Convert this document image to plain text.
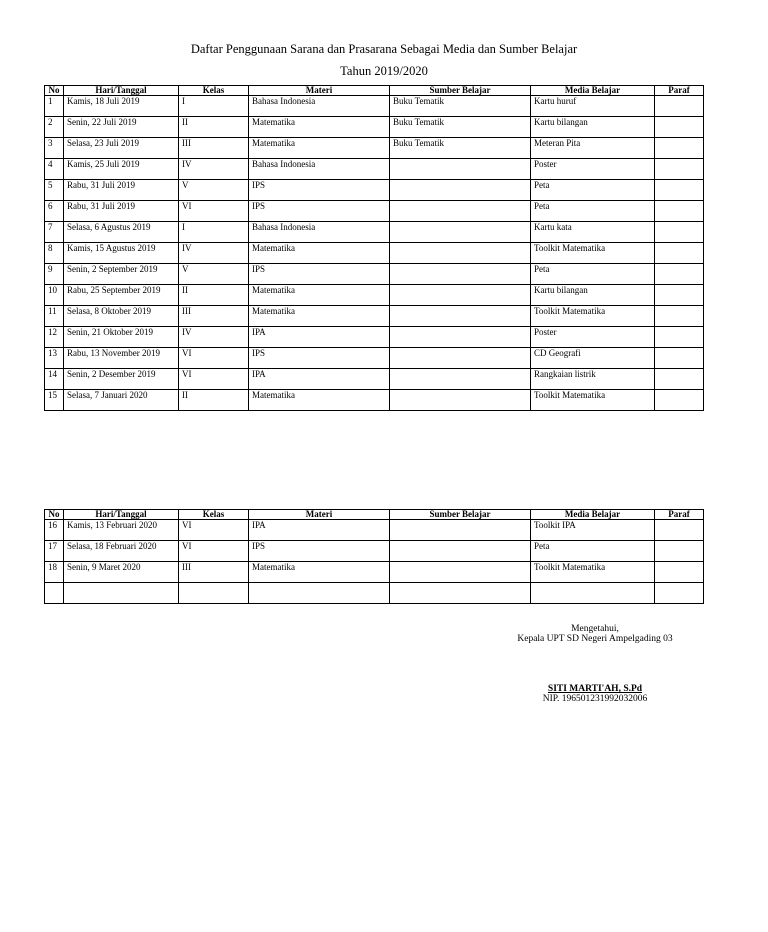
Daftar Penggunaan Sarana dan Prasarana Sebagai Media dan Sumber Belajar
Tahun 2019/2020
No	Hari/Tanggal	Kelas	Materi	Sumber Belajar	Media Belajar	Paraf
1	Kamis, 18 Juli 2019	I	Bahasa Indonesia	Buku Tematik	Kartu huruf	
2	Senin, 22 Juli 2019	II	Matematika	Buku Tematik	Kartu bilangan	
3	Selasa, 23 Juli 2019	III	Matematika	Buku Tematik	Meteran Pita	
4	Kamis, 25 Juli 2019	IV	Bahasa Indonesia		Poster	
5	Rabu, 31 Juli 2019	V	IPS		Peta	
6	Rabu, 31 Juli 2019	VI	IPS		Peta	
7	Selasa, 6 Agustus 2019	I	Bahasa Indonesia		Kartu kata	
8	Kamis, 15 Agustus 2019	IV	Matematika		Toolkit Matematika	
9	Senin, 2 September 2019	V	IPS		Peta	
10	Rabu, 25 September 2019	II	Matematika		Kartu bilangan	
11	Selasa, 8 Oktober 2019	III	Matematika		Toolkit Matematika	
12	Senin, 21 Oktober 2019	IV	IPA		Poster	
13	Rabu, 13 November 2019	VI	IPS		CD Geografi	
14	Senin, 2 Desember 2019	VI	IPA		Rangkaian listrik	
15	Selasa, 7 Januari 2020	II	Matematika		Toolkit Matematika	
No	Hari/Tanggal	Kelas	Materi	Sumber Belajar	Media Belajar	Paraf
16	Kamis, 13 Februari 2020	VI	IPA		Toolkit IPA	
17	Selasa, 18 Februari 2020	VI	IPS		Peta	
18	Senin, 9 Maret 2020	III	Matematika		Toolkit Matematika	

Mengetahui,
Kepala UPT SD Negeri Ampelgading 03
SITI MARTI'AH, S.Pd
NIP. 196501231992032006
